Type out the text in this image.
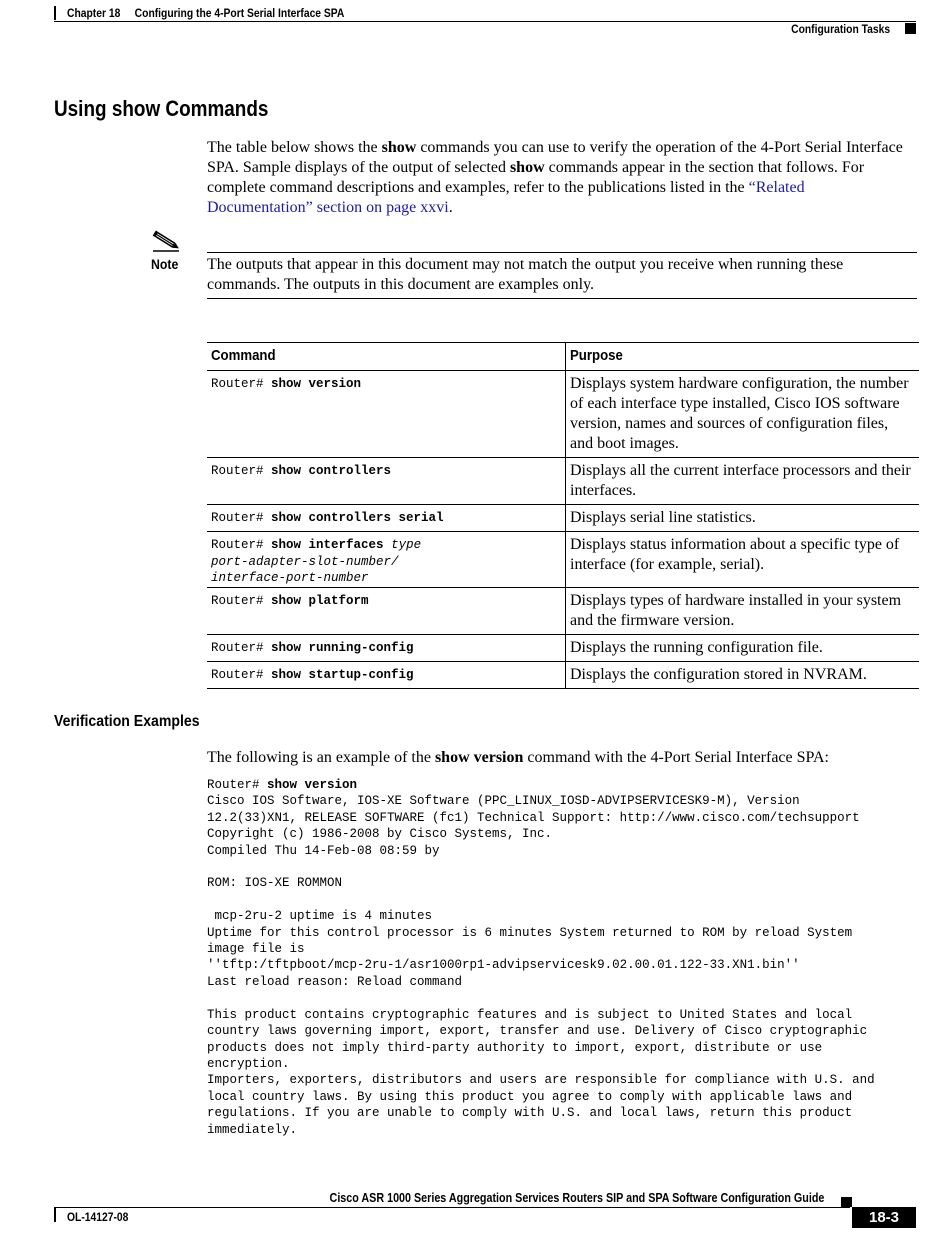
Chapter 18 Configuring the 4-Port Serial Interface SPA
Configuration Tasks
Using show Commands
The table below shows the show commands you can use to verify the operation of the 4-Port Serial Interface SPA. Sample displays of the output of selected show commands appear in the section that follows. For complete command descriptions and examples, refer to the publications listed in the “Related Documentation” section on page xxvi.
Note The outputs that appear in this document may not match the output you receive when running these commands. The outputs in this document are examples only.
Command	Purpose
Router# show version	Displays system hardware configuration, the number of each interface type installed, Cisco IOS software version, names and sources of configuration files, and boot images.
Router# show controllers	Displays all the current interface processors and their interfaces.
Router# show controllers serial	Displays serial line statistics.
Router# show interfaces type
port-adapter-slot-number/
interface-port-number	Displays status information about a specific type of interface (for example, serial).
Router# show platform	Displays types of hardware installed in your system and the firmware version.
Router# show running-config	Displays the running configuration file.
Router# show startup-config	Displays the configuration stored in NVRAM.
Verification Examples
The following is an example of the show version command with the 4-Port Serial Interface SPA:
Router# show version
Cisco IOS Software, IOS-XE Software (PPC_LINUX_IOSD-ADVIPSERVICESK9-M), Version
12.2(33)XN1, RELEASE SOFTWARE (fc1) Technical Support: http://www.cisco.com/techsupport
Copyright (c) 1986-2008 by Cisco Systems, Inc.
Compiled Thu 14-Feb-08 08:59 by

ROM: IOS-XE ROMMON

mcp-2ru-2 uptime is 4 minutes
Uptime for this control processor is 6 minutes System returned to ROM by reload System
image file is
''tftp:/tftpboot/mcp-2ru-1/asr1000rp1-advipservicesk9.02.00.01.122-33.XN1.bin''
Last reload reason: Reload command

This product contains cryptographic features and is subject to United States and local
country laws governing import, export, transfer and use. Delivery of Cisco cryptographic
products does not imply third-party authority to import, export, distribute or use
encryption.
Importers, exporters, distributors and users are responsible for compliance with U.S. and
local country laws. By using this product you agree to comply with applicable laws and
regulations. If you are unable to comply with U.S. and local laws, return this product
immediately.
Cisco ASR 1000 Series Aggregation Services Routers SIP and SPA Software Configuration Guide
OL-14127-08	18-3
